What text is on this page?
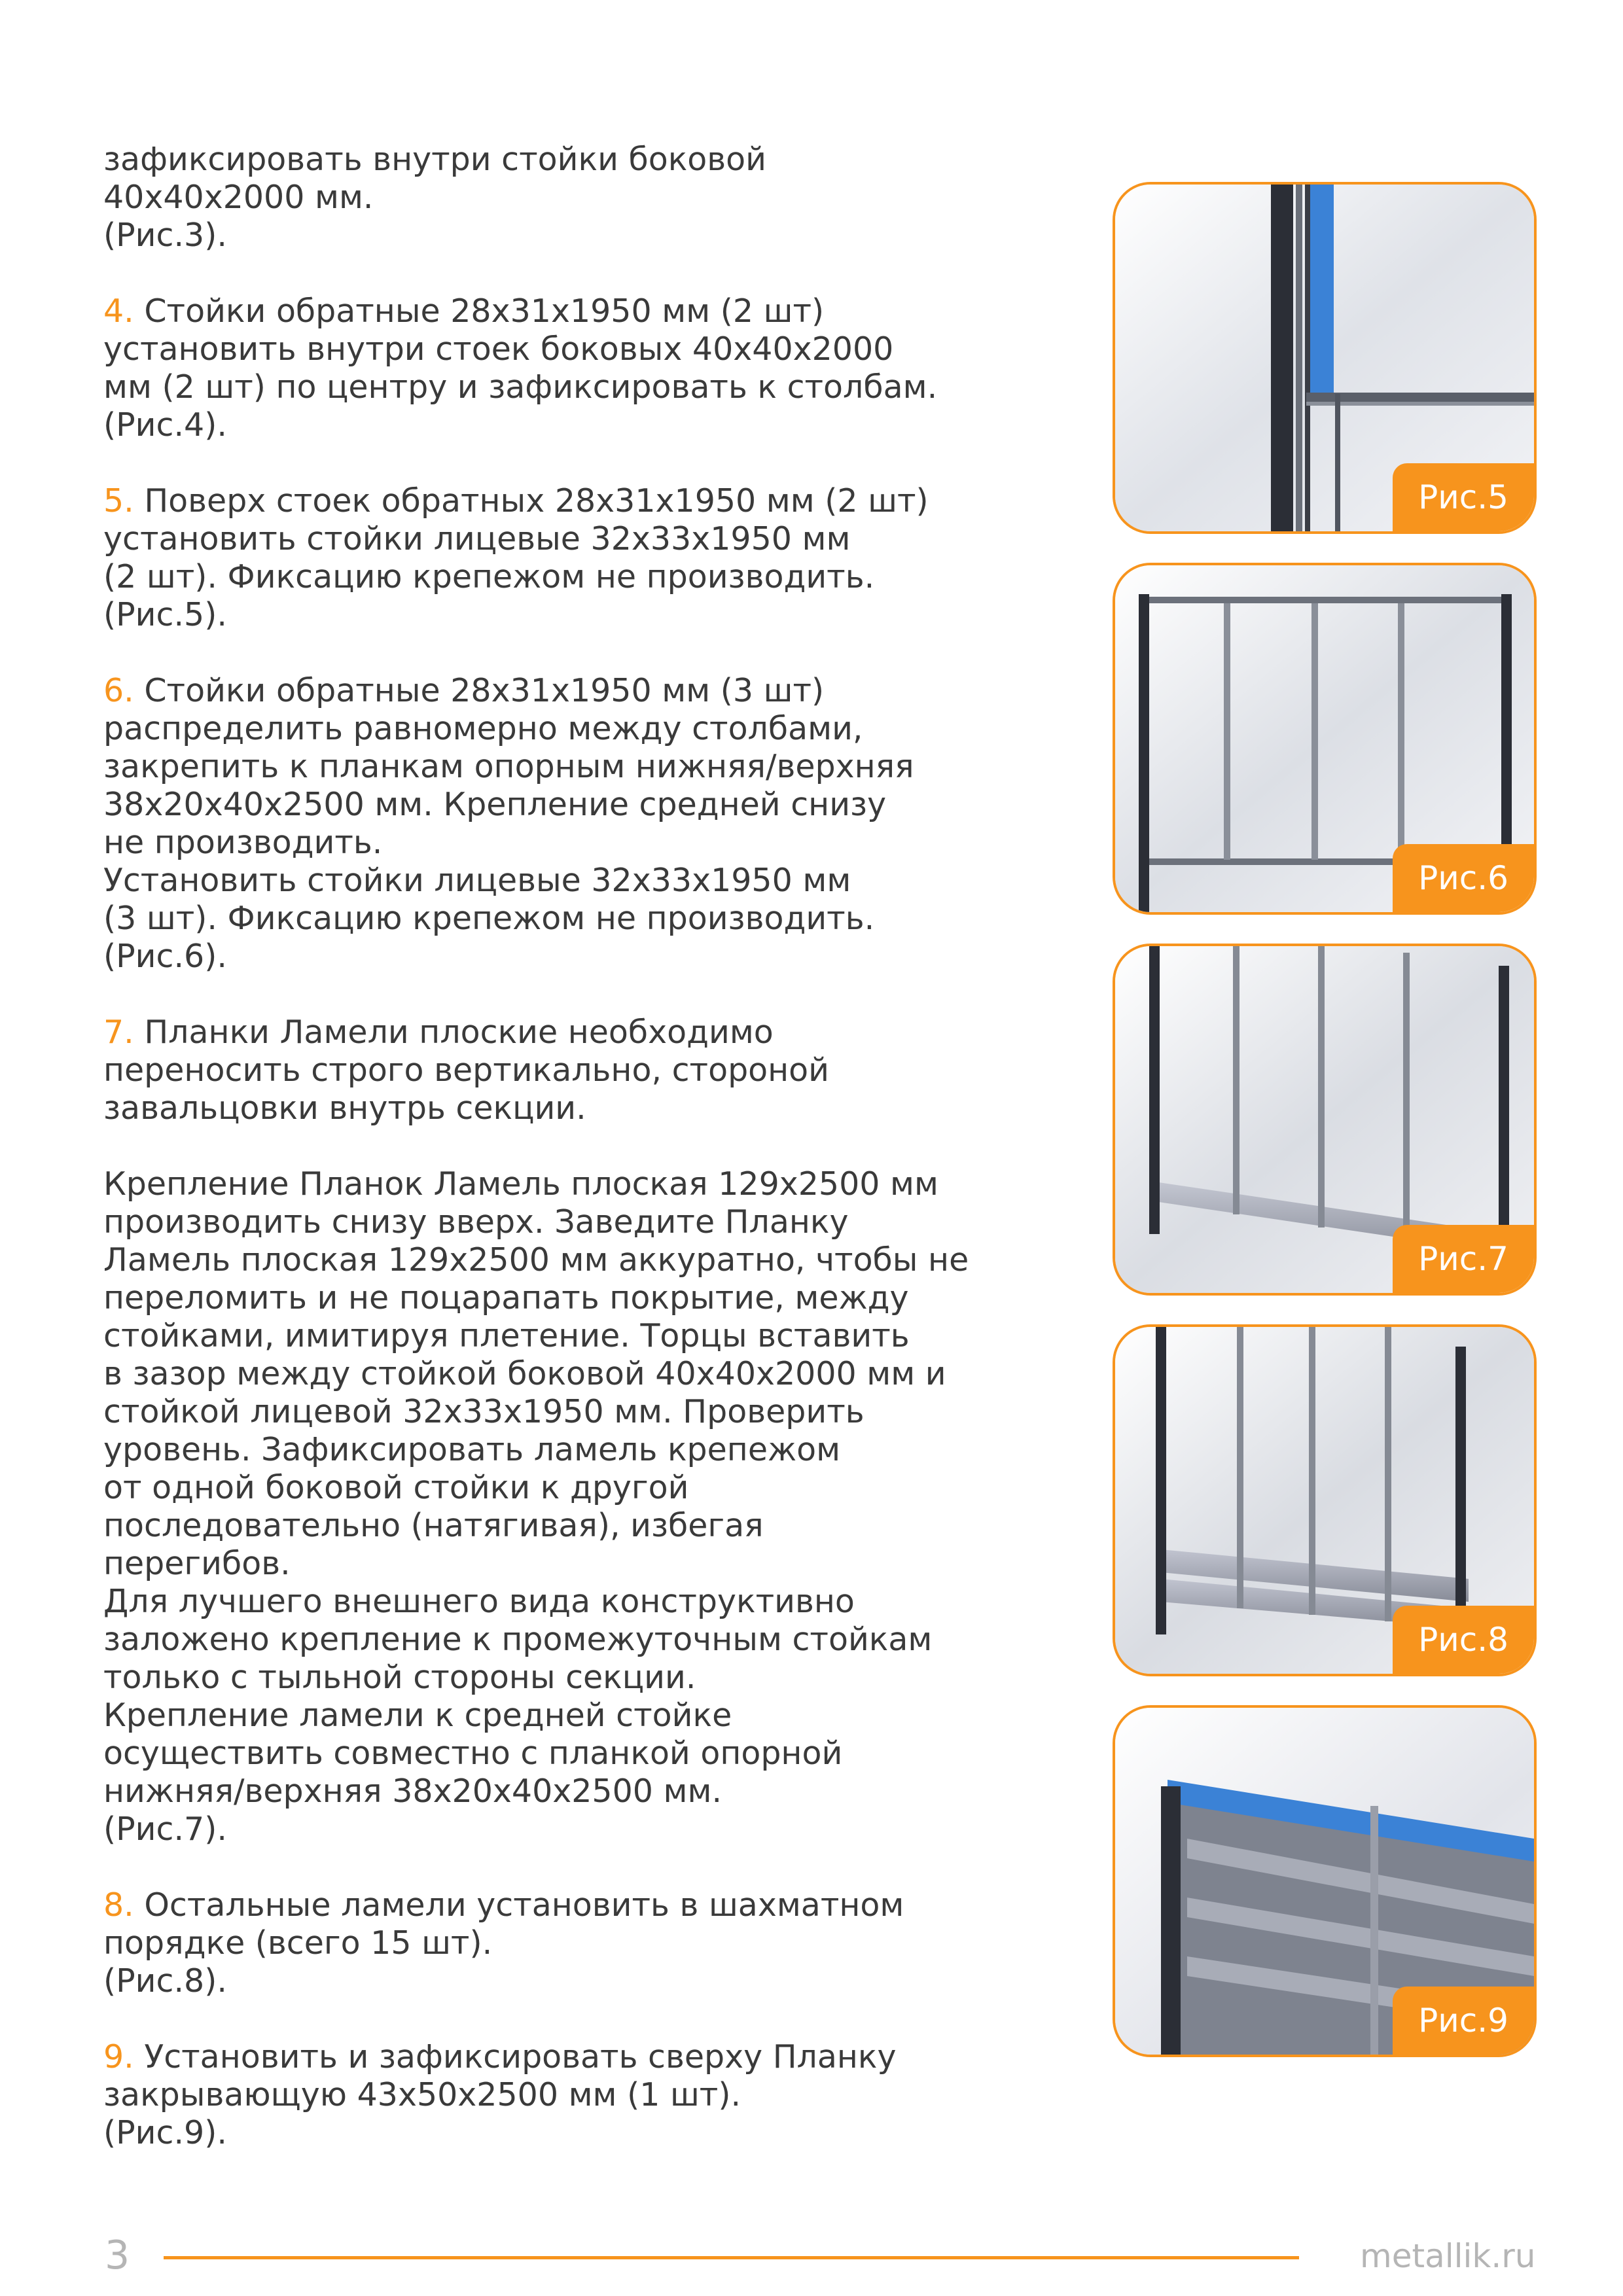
зафиксировать внутри стойки боковой
40х40х2000 мм.
(Рис.3).

4. Стойки обратные 28х31х1950 мм (2 шт)
установить внутри стоек боковых 40х40х2000
мм (2 шт) по центру и зафиксировать к столбам.
(Рис.4).

5. Поверх стоек обратных 28х31х1950 мм (2 шт)
установить стойки лицевые 32х33х1950 мм
(2 шт). Фиксацию крепежом не производить.
(Рис.5).

6. Стойки обратные 28х31х1950 мм (3 шт)
распределить равномерно между столбами,
закрепить к планкам опорным нижняя/верхняя
38х20х40х2500 мм. Крепление средней снизу
не производить.
Установить стойки лицевые 32х33х1950 мм
(3 шт). Фиксацию крепежом не производить.
(Рис.6).

7. Планки Ламели плоские необходимо
переносить строго вертикально, стороной
завальцовки внутрь секции.

Крепление Планок Ламель плоская 129х2500 мм
производить снизу вверх. Заведите Планку
Ламель плоская 129х2500 мм аккуратно, чтобы не
переломить и не поцарапать покрытие, между
стойками, имитируя плетение. Торцы вставить
в зазор между стойкой боковой 40х40х2000 мм и
стойкой лицевой 32х33х1950 мм. Проверить
уровень. Зафиксировать ламель крепежом
от одной боковой стойки к другой
последовательно (натягивая), избегая
перегибов.
Для лучшего внешнего вида конструктивно
заложено крепление к промежуточным стойкам
только с тыльной стороны секции.
Крепление ламели к средней стойке
осуществить совместно с планкой опорной
нижняя/верхняя 38х20х40х2500 мм.
(Рис.7).

8. Остальные ламели установить в шахматном
порядке (всего 15 шт).
(Рис.8).

9. Установить и зафиксировать сверху Планку
закрывающую 43х50х2500 мм (1 шт).
(Рис.9).

Рис.5
Рис.6
Рис.7
Рис.8
Рис.9
3	metallik.ru
